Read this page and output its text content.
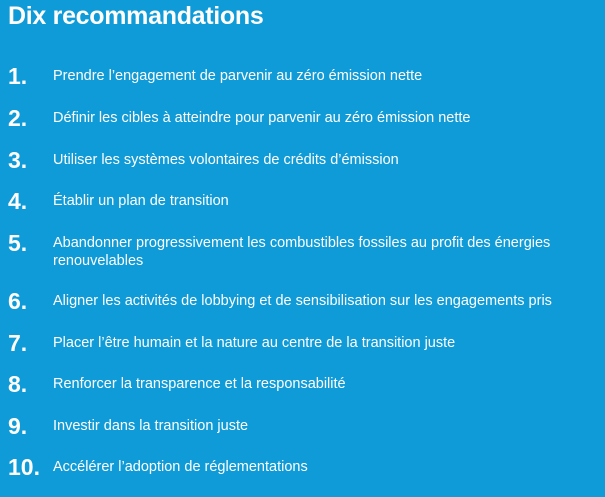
Dix recommandations
1. Prendre l’engagement de parvenir au zéro émission nette
2. Définir les cibles à atteindre pour parvenir au zéro émission nette
3. Utiliser les systèmes volontaires de crédits d’émission
4. Établir un plan de transition
5. Abandonner progressivement les combustibles fossiles au profit des énergies renouvelables
6. Aligner les activités de lobbying et de sensibilisation sur les engagements pris
7. Placer l’être humain et la nature au centre de la transition juste
8. Renforcer la transparence et la responsabilité
9. Investir dans la transition juste
10. Accélérer l’adoption de réglementations
